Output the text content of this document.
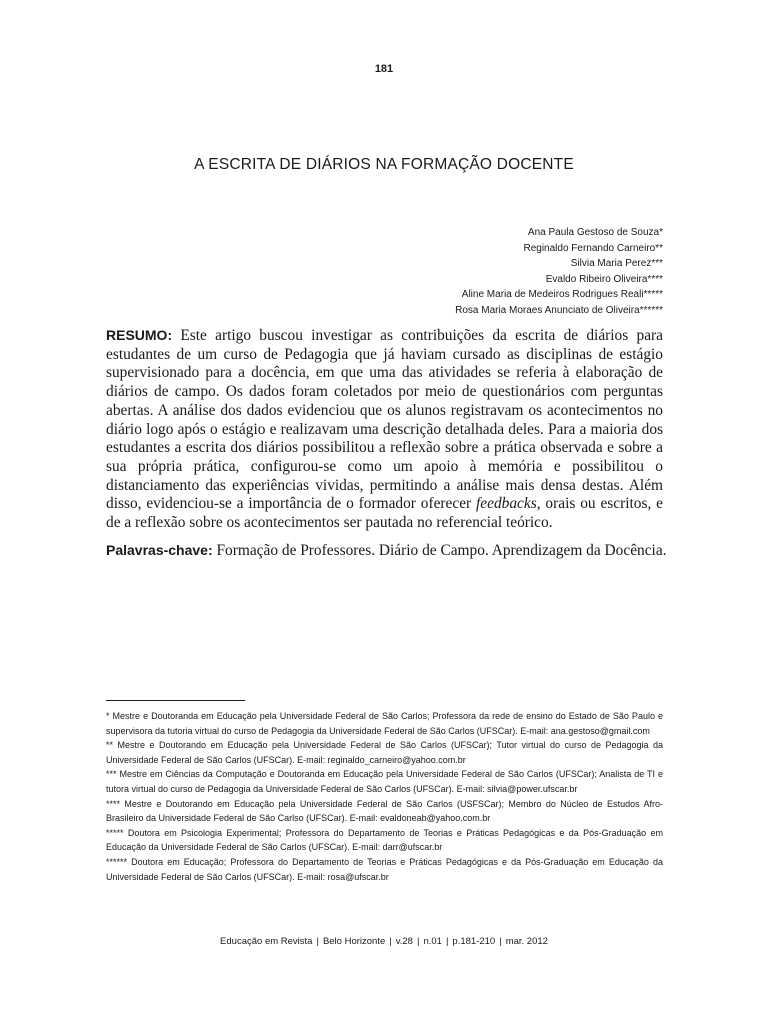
181
A ESCRITA DE DIÁRIOS NA FORMAÇÃO DOCENTE
Ana Paula Gestoso de Souza*
Reginaldo Fernando Carneiro**
Silvia Maria Perez***
Evaldo Ribeiro Oliveira****
Aline Maria de Medeiros Rodrigues Reali*****
Rosa Maria Moraes Anunciato de Oliveira******
RESUMO: Este artigo buscou investigar as contribuições da escrita de diários para estudantes de um curso de Pedagogia que já haviam cursado as disciplinas de estágio supervisionado para a docência, em que uma das atividades se referia à elaboração de diários de campo. Os dados foram coletados por meio de questionários com perguntas abertas. A análise dos dados evidenciou que os alunos registravam os acontecimentos no diário logo após o estágio e realizavam uma descrição detalhada deles. Para a maioria dos estudantes a escrita dos diários possibilitou a reflexão sobre a prática observada e sobre a sua própria prática, configurou-se como um apoio à memória e possibilitou o distanciamento das experiências vividas, permitindo a análise mais densa destas. Além disso, evidenciou-se a importância de o formador oferecer feedbacks, orais ou escritos, e de a reflexão sobre os acontecimentos ser pautada no referencial teórico.
Palavras-chave: Formação de Professores. Diário de Campo. Aprendizagem da Docência.

* Mestre e Doutoranda em Educação pela Universidade Federal de São Carlos; Professora da rede de ensino do Estado de São Paulo e supervisora da tutoria virtual do curso de Pedagogia da Universidade Federal de São Carlos (UFSCar). E-mail: ana.gestoso@gmail.com

** Mestre e Doutorando em Educação pela Universidade Federal de São Carlos (UFSCar); Tutor virtual do curso de Pedagogia da Universidade Federal de São Carlos (UFSCar). E-mail: reginaldo_carneiro@yahoo.com.br

*** Mestre em Ciências da Computação e Doutoranda em Educação pela Universidade Federal de São Carlos (UFSCar); Analista de TI e tutora virtual do curso de Pedagogia da Universidade Federal de São Carlos (UFSCar). E-mail: silvia@power.ufscar.br

**** Mestre e Doutorando em Educação pela Universidade Federal de São Carlos (USFSCar); Membro do Núcleo de Estudos Afro-Brasileiro da Universidade Federal de São Carlso (UFSCar). E-mail: evaldoneab@yahoo.com.br

***** Doutora em Psicologia Experimental; Professora do Departamento de Teorias e Práticas Pedagógicas e da Pós-Graduação em Educação da Universidade Federal de São Carlos (UFSCar). E-mail: darr@ufscar.br

****** Doutora em Educação; Professora do Departamento de Teorias e Práticas Pedagógicas e da Pós-Graduação em Educação da Universidade Federal de São Carlos (UFSCar). E-mail: rosa@ufscar.br

Educação em Revista | Belo Horizonte | v.28 | n.01 | p.181-210 | mar. 2012
